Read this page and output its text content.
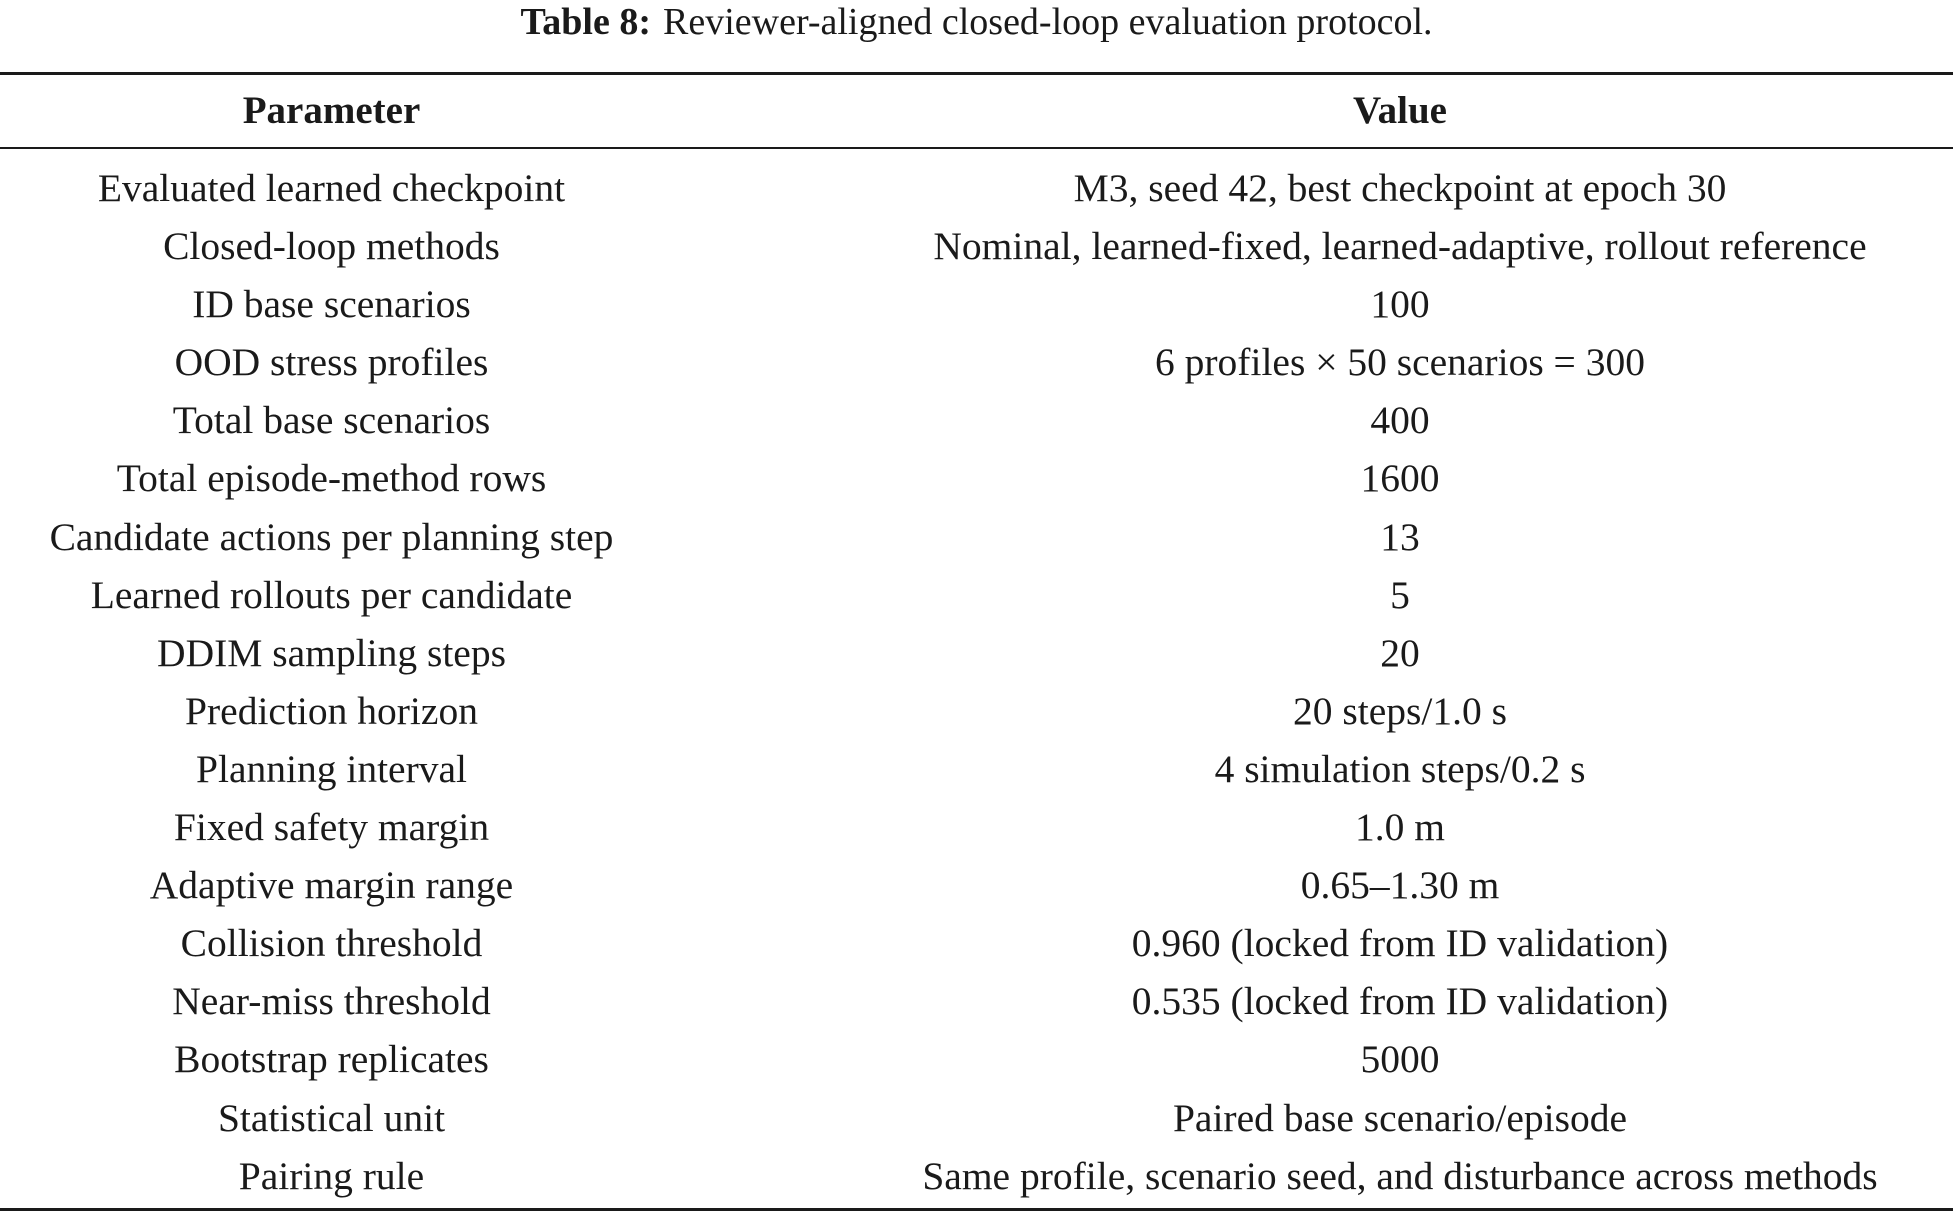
Table 8: Reviewer-aligned closed-loop evaluation protocol.
Parameter	Value
Evaluated learned checkpoint	M3, seed 42, best checkpoint at epoch 30
Closed-loop methods	Nominal, learned-fixed, learned-adaptive, rollout reference
ID base scenarios	100
OOD stress profiles	6 profiles × 50 scenarios = 300
Total base scenarios	400
Total episode-method rows	1600
Candidate actions per planning step	13
Learned rollouts per candidate	5
DDIM sampling steps	20
Prediction horizon	20 steps/1.0 s
Planning interval	4 simulation steps/0.2 s
Fixed safety margin	1.0 m
Adaptive margin range	0.65–1.30 m
Collision threshold	0.960 (locked from ID validation)
Near-miss threshold	0.535 (locked from ID validation)
Bootstrap replicates	5000
Statistical unit	Paired base scenario/episode
Pairing rule	Same profile, scenario seed, and disturbance across methods
